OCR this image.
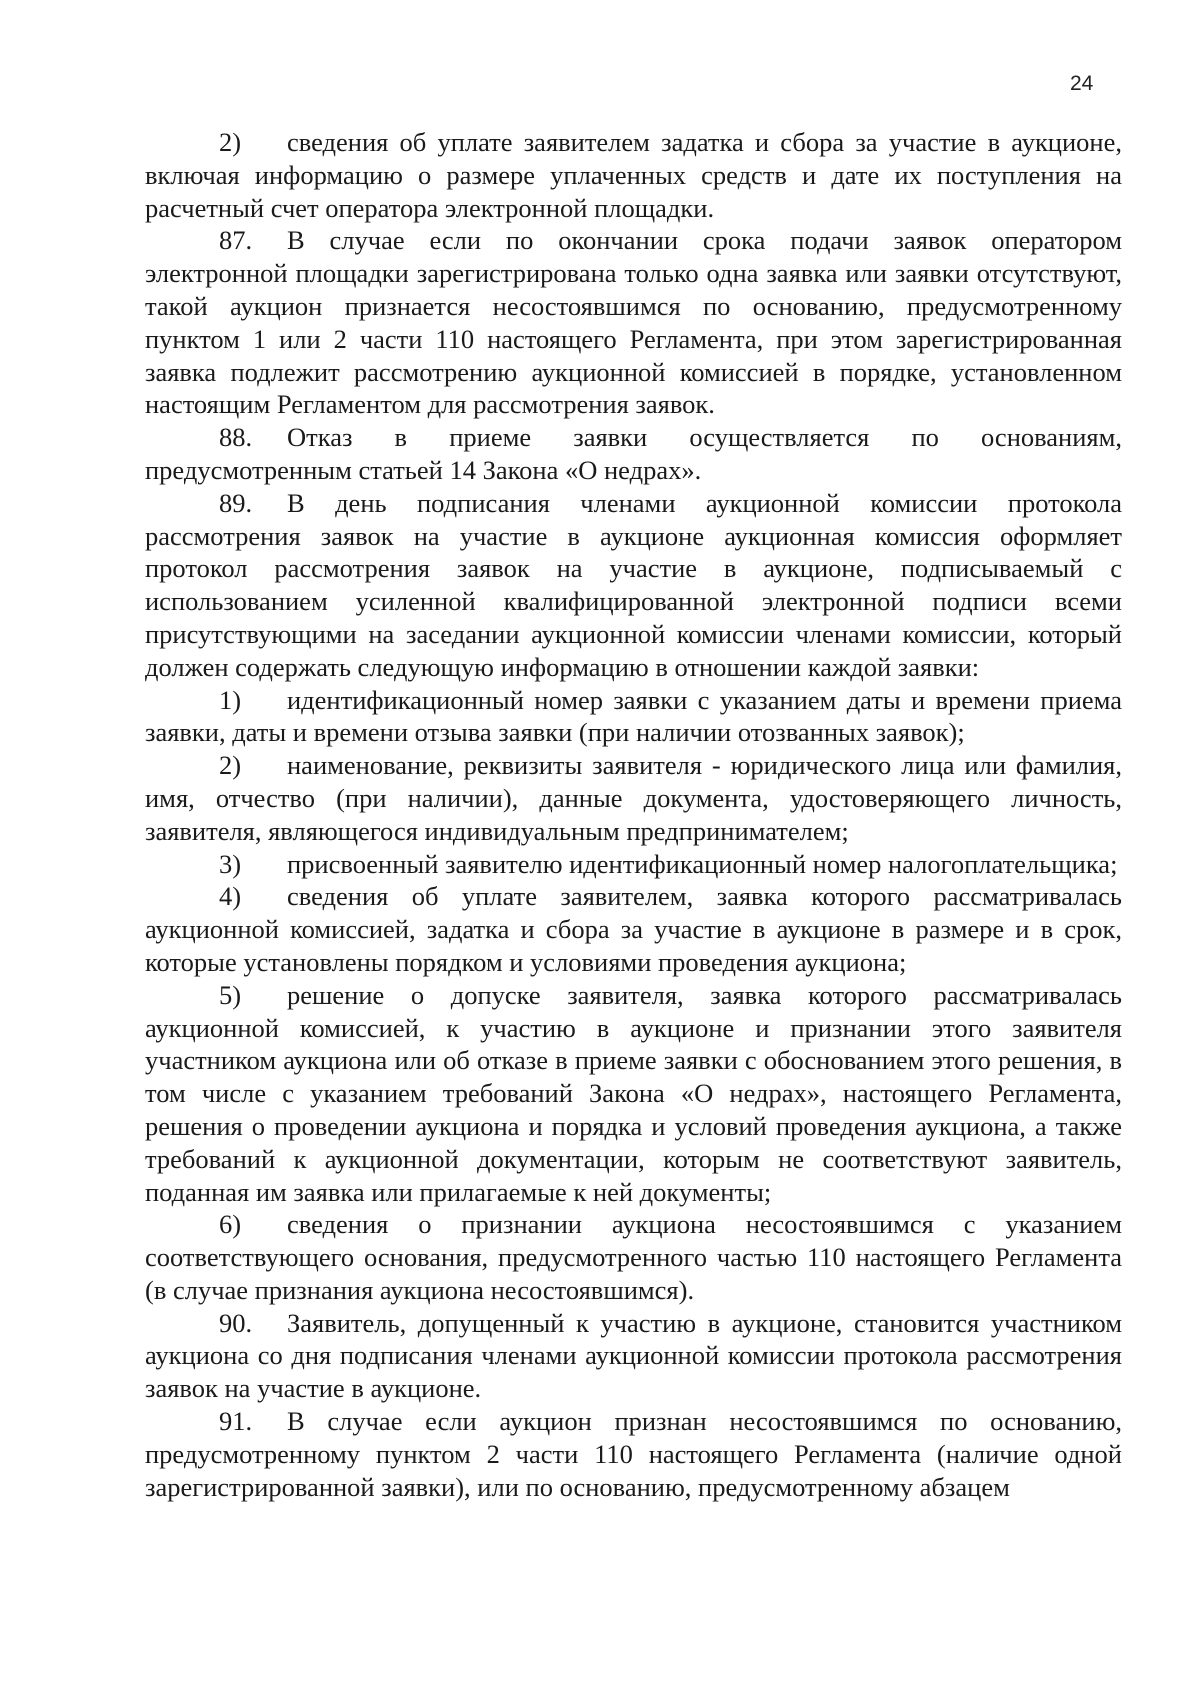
24

2) сведения об уплате заявителем задатка и сбора за участие в аукционе, включая информацию о размере уплаченных средств и дате их поступления на расчетный счет оператора электронной площадки.

87. В случае если по окончании срока подачи заявок оператором электронной площадки зарегистрирована только одна заявка или заявки отсутствуют, такой аукцион признается несостоявшимся по основанию, предусмотренному пунктом 1 или 2 части 110 настоящего Регламента, при этом зарегистрированная заявка подлежит рассмотрению аукционной комиссией в порядке, установленном настоящим Регламентом для рассмотрения заявок.

88. Отказ в приеме заявки осуществляется по основаниям, предусмотренным статьей 14 Закона «О недрах».

89. В день подписания членами аукционной комиссии протокола рассмотрения заявок на участие в аукционе аукционная комиссия оформляет протокол рассмотрения заявок на участие в аукционе, подписываемый с использованием усиленной квалифицированной электронной подписи всеми присутствующими на заседании аукционной комиссии членами комиссии, который должен содержать следующую информацию в отношении каждой заявки:

1) идентификационный номер заявки с указанием даты и времени приема заявки, даты и времени отзыва заявки (при наличии отозванных заявок);

2) наименование, реквизиты заявителя - юридического лица или фамилия, имя, отчество (при наличии), данные документа, удостоверяющего личность, заявителя, являющегося индивидуальным предпринимателем;

3) присвоенный заявителю идентификационный номер налогоплательщика;

4) сведения об уплате заявителем, заявка которого рассматривалась аукционной комиссией, задатка и сбора за участие в аукционе в размере и в срок, которые установлены порядком и условиями проведения аукциона;

5) решение о допуске заявителя, заявка которого рассматривалась аукционной комиссией, к участию в аукционе и признании этого заявителя участником аукциона или об отказе в приеме заявки с обоснованием этого решения, в том числе с указанием требований Закона «О недрах», настоящего Регламента, решения о проведении аукциона и порядка и условий проведения аукциона, а также требований к аукционной документации, которым не соответствуют заявитель, поданная им заявка или прилагаемые к ней документы;

6) сведения о признании аукциона несостоявшимся с указанием соответствующего основания, предусмотренного частью 110 настоящего Регламента (в случае признания аукциона несостоявшимся).

90. Заявитель, допущенный к участию в аукционе, становится участником аукциона со дня подписания членами аукционной комиссии протокола рассмотрения заявок на участие в аукционе.

91. В случае если аукцион признан несостоявшимся по основанию, предусмотренному пунктом 2 части 110 настоящего Регламента (наличие одной зарегистрированной заявки), или по основанию, предусмотренному абзацем
